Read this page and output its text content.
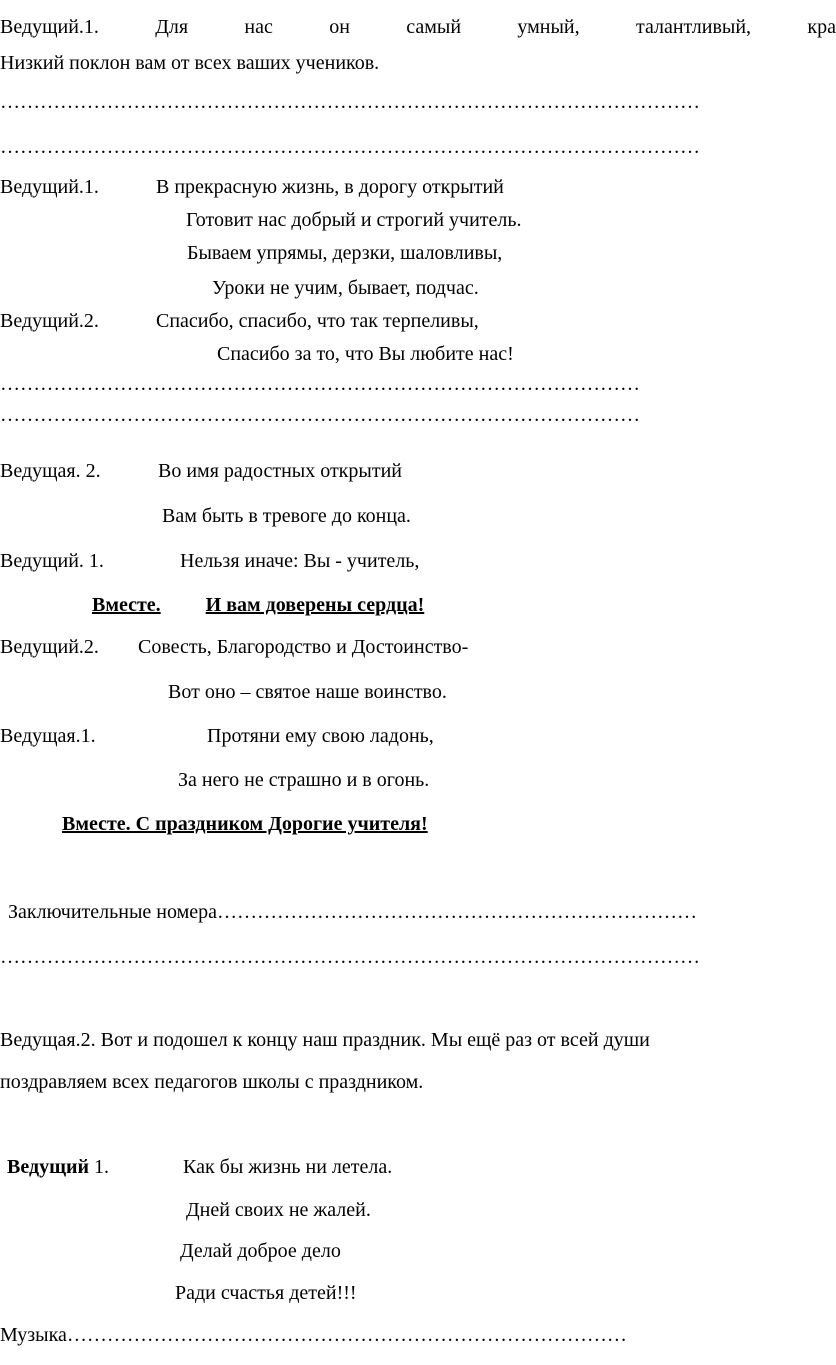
Ведущий.1.	Для	нас	он	самый	умный,	талантливый,	кра
Низкий поклон вам от всех ваших учеников.
……………………………………………………………………………………………
……………………………………………………………………………………………
Ведущий.1.	В прекрасную жизнь, в дорогу открытий
Готовит нас добрый и строгий учитель.
Бываем упрямы, дерзки, шаловливы,
Уроки не учим, бывает, подчас.
Ведущий.2.	Спасибо, спасибо, что так терпеливы,
Спасибо за то, что Вы любите нас!
……………………………………………………………………………………
……………………………………………………………………………………
Ведущая. 2.	Во имя радостных открытий
Вам быть в тревоге до конца.
Ведущий. 1.	Нельзя иначе: Вы - учитель,
Вместе. И вам доверены сердца!
Ведущий.2. Совесть, Благородство и Достоинство-
Вот оно – святое наше воинство.
Ведущая.1.	Протяни ему свою ладонь,
За него не страшно и в огонь.
Вместе. С праздником Дорогие учителя!
Заключительные номера………………………………………………………………
……………………………………………………………………………………………
Ведущая.2. Вот и подошел к концу наш праздник. Мы ещё раз от всей души
поздравляем всех педагогов школы с праздником.
Ведущий 1.	Как бы жизнь ни летела.
Дней своих не жалей.
Делай доброе дело
Ради счастья детей!!!
Музыка…………………………………………………………………………
